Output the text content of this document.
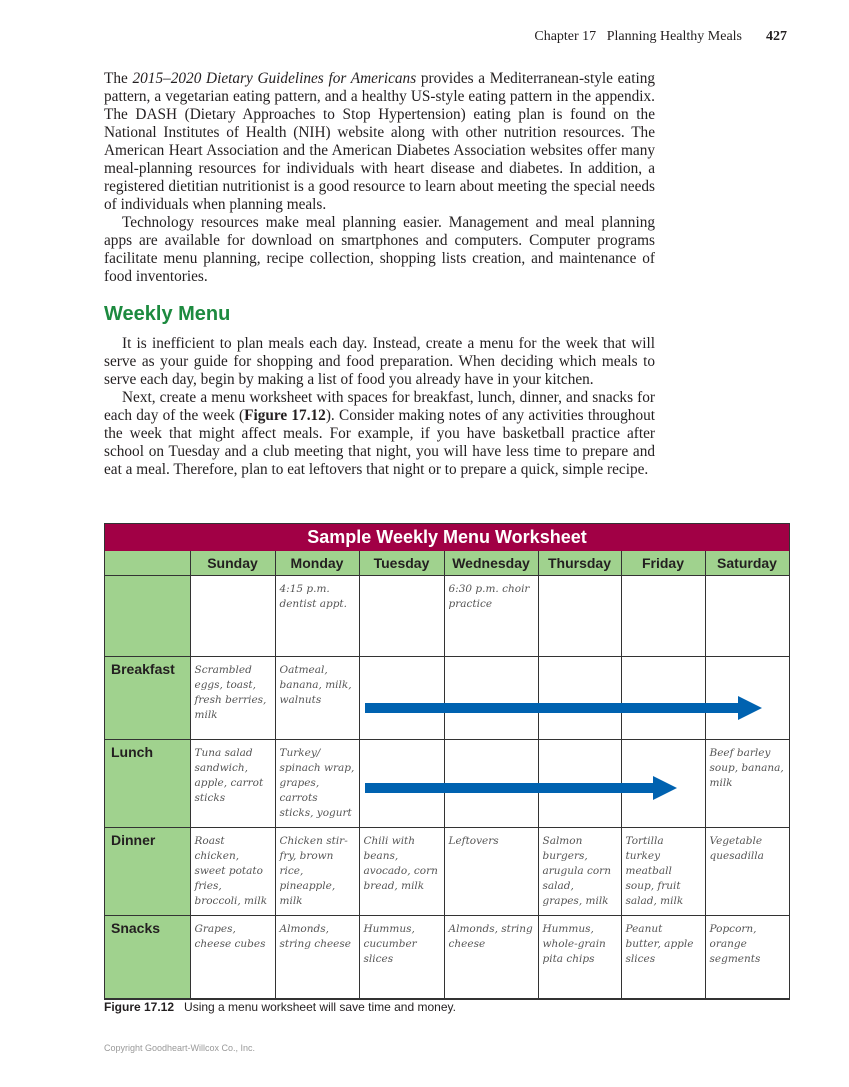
Chapter 17 Planning Healthy Meals 427

The 2015–2020 Dietary Guidelines for Americans provides a Mediterranean-style eating pattern, a vegetarian eating pattern, and a healthy US-style eating pattern in the appendix. The DASH (Dietary Approaches to Stop Hypertension) eating plan is found on the National Institutes of Health (NIH) website along with other nutrition resources. The American Heart Association and the American Diabetes Association websites offer many meal-planning resources for individuals with heart disease and diabetes. In addition, a registered dietitian nutritionist is a good resource to learn about meeting the special needs of individuals when planning meals.

Technology resources make meal planning easier. Management and meal planning apps are available for download on smartphones and computers. Computer programs facilitate menu planning, recipe collection, shopping lists creation, and maintenance of food inventories.

Weekly Menu

It is inefficient to plan meals each day. Instead, create a menu for the week that will serve as your guide for shopping and food preparation. When deciding which meals to serve each day, begin by making a list of food you already have in your kitchen.

Next, create a menu worksheet with spaces for breakfast, lunch, dinner, and snacks for each day of the week (Figure 17.12). Consider making notes of any activities throughout the week that might affect meals. For example, if you have basketball practice after school on Tuesday and a club meeting that night, you will have less time to prepare and eat a meal. Therefore, plan to eat leftovers that night or to prepare a quick, simple recipe.

Sample Weekly Menu Worksheet
	Sunday	Monday	Tuesday	Wednesday	Thursday	Friday	Saturday
		4:15 p.m. dentist appt.		6:30 p.m. choir practice			
Breakfast	Scrambled eggs, toast, fresh berries, milk	Oatmeal, banana, milk, walnuts					
Lunch	Tuna salad sandwich, apple, carrot sticks	Turkey/ spinach wrap, grapes, carrots sticks, yogurt					Beef barley soup, banana, milk
Dinner	Roast chicken, sweet potato fries, broccoli, milk	Chicken stir-fry, brown rice, pineapple, milk	Chili with beans, avocado, corn bread, milk	Leftovers	Salmon burgers, arugula corn salad, grapes, milk	Tortilla turkey meatball soup, fruit salad, milk	Vegetable quesadilla
Snacks	Grapes, cheese cubes	Almonds, string cheese	Hummus, cucumber slices	Almonds, string cheese	Hummus, whole-grain pita chips	Peanut butter, apple slices	Popcorn, orange segments
Figure 17.12 Using a menu worksheet will save time and money.
Copyright Goodheart-Willcox Co., Inc.
